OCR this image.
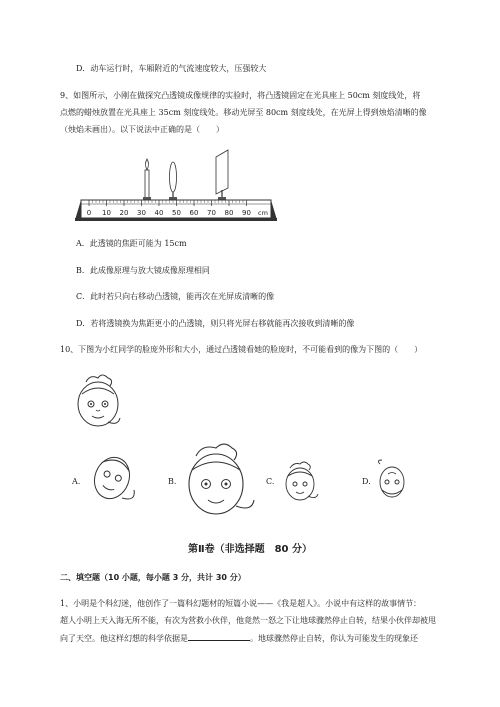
D．动车运行时，车厢附近的气流速度较大，压强较大
9、如图所示，小刚在做探究凸透镜成像规律的实验时，将凸透镜固定在光具座上 50cm 刻度线处，将
点燃的蜡烛放置在光具座上 35cm 刻度线处。移动光屏至 80cm 刻度线处，在光屏上得到烛焰清晰的像
（烛焰未画出）。以下说法中正确的是（　　）
0 10 20 30 40 50 60 70 80 90 cm
A．此透镜的焦距可能为 15cm
B．此成像原理与放大镜成像原理相同
C．此时若只向右移动凸透镜，能再次在光屏成清晰的像
D．若将透镜换为焦距更小的凸透镜，则只将光屏右移就能再次接收到清晰的像
10、下图为小红同学的脸庞外形和大小，通过凸透镜看她的脸庞时，不可能看到的像为下图的（　　）
A.	B.	C.	D.
第Ⅱ卷（非选择题　80 分）
二、填空题（10 小题，每小题 3 分，共计 30 分）
1、小明是个科幻迷，他创作了一篇科幻题材的短篇小说——《我是超人》。小说中有这样的故事情节：
超人小明上天入海无所不能，有次为营救小伙伴，他竟然一怒之下让地球骤然停止自转，结果小伙伴却被甩
向了天空。他这样幻想的科学依据是	。地球骤然停止自转，你认为可能发生的现象还
